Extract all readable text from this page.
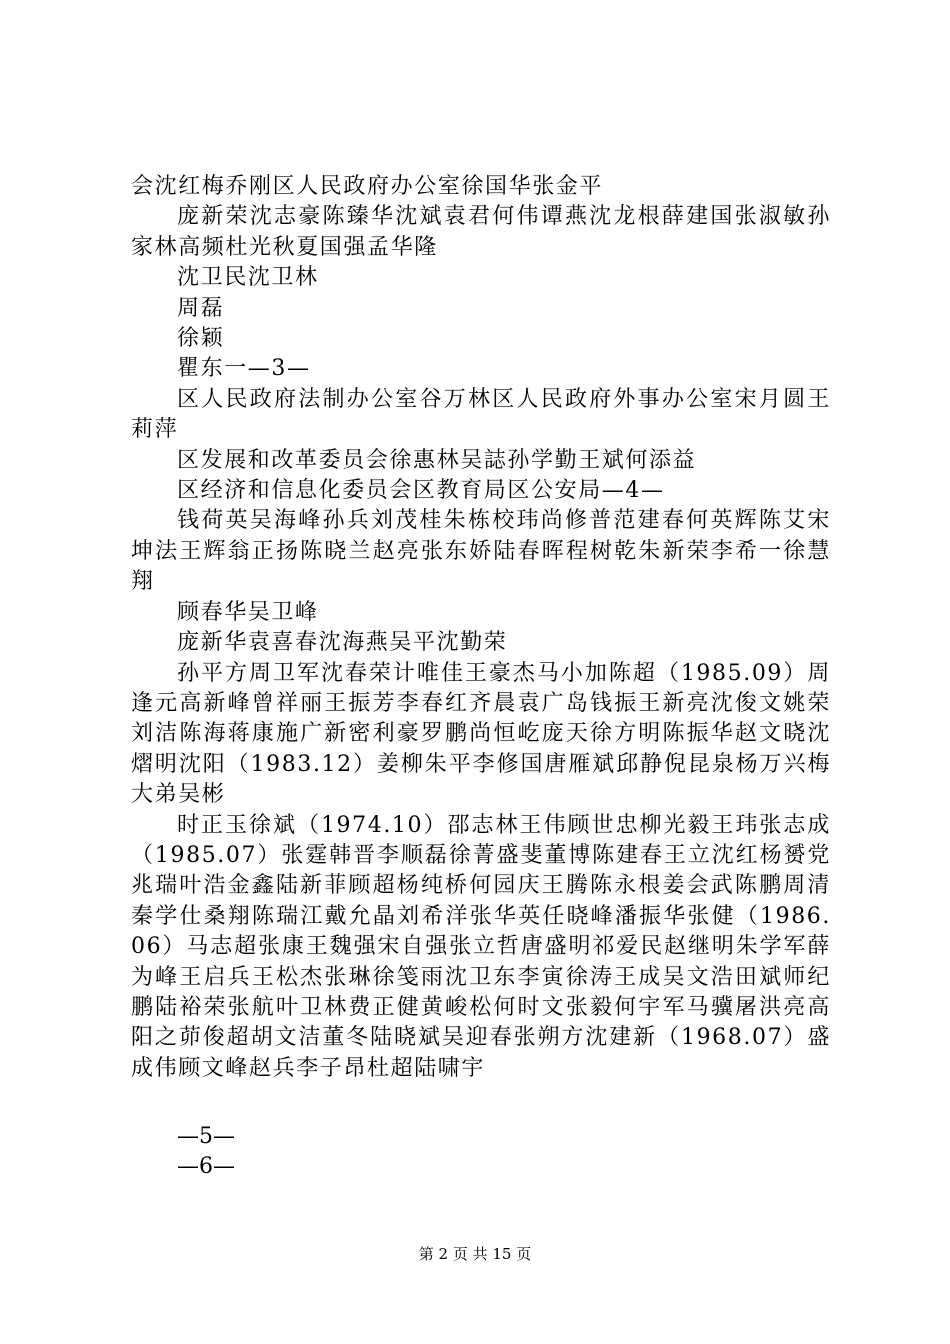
会沈红梅乔刚区人民政府办公室徐国华张金平

庞新荣沈志豪陈臻华沈斌袁君何伟谭燕沈龙根薛建国张淑敏孙家林高频杜光秋夏国强孟华隆

沈卫民沈卫林

周磊

徐颖

瞿东一—3—

区人民政府法制办公室谷万林区人民政府外事办公室宋月圆王莉萍

区发展和改革委员会徐惠林吴誌孙学勤王斌何添益

区经济和信息化委员会区教育局区公安局—4—

钱荷英吴海峰孙兵刘茂桂朱栋校玮尚修普范建春何英辉陈艾宋坤法王辉翁正扬陈晓兰赵亮张东娇陆春晖程树乾朱新荣李希一徐慧翔

顾春华吴卫峰

庞新华袁喜春沈海燕吴平沈勤荣

孙平方周卫军沈春荣计唯佳王豪杰马小加陈超（1985.09）周逢元高新峰曾祥丽王振芳李春红齐晨袁广岛钱振王新亮沈俊文姚荣刘洁陈海蒋康施广新密利豪罗鹏尚恒屹庞天徐方明陈振华赵文晓沈熠明沈阳（1983.12）姜柳朱平李修国唐雁斌邱静倪昆泉杨万兴梅大弟吴彬

时正玉徐斌（1974.10）邵志林王伟顾世忠柳光毅王玮张志成（1985.07）张霆韩晋李顺磊徐菁盛斐董博陈建春王立沈红杨赟党兆瑞叶浩金鑫陆新菲顾超杨纯桥何园庆王腾陈永根姜会武陈鹏周清秦学仕桑翔陈瑞江戴允晶刘希洋张华英任晓峰潘振华张健（1986.06）马志超张康王魏强宋自强张立哲唐盛明祁爱民赵继明朱学军薛为峰王启兵王松杰张琳徐笺雨沈卫东李寅徐涛王成吴文浩田斌师纪鹏陆裕荣张航叶卫林费正健黄峻松何时文张毅何宇军马骥屠洪亮高阳之茆俊超胡文洁董冬陆晓斌吴迎春张朔方沈建新（1968.07）盛成伟顾文峰赵兵李子昂杜超陆啸宇

—5—
—6—
第 2 页 共 15 页
